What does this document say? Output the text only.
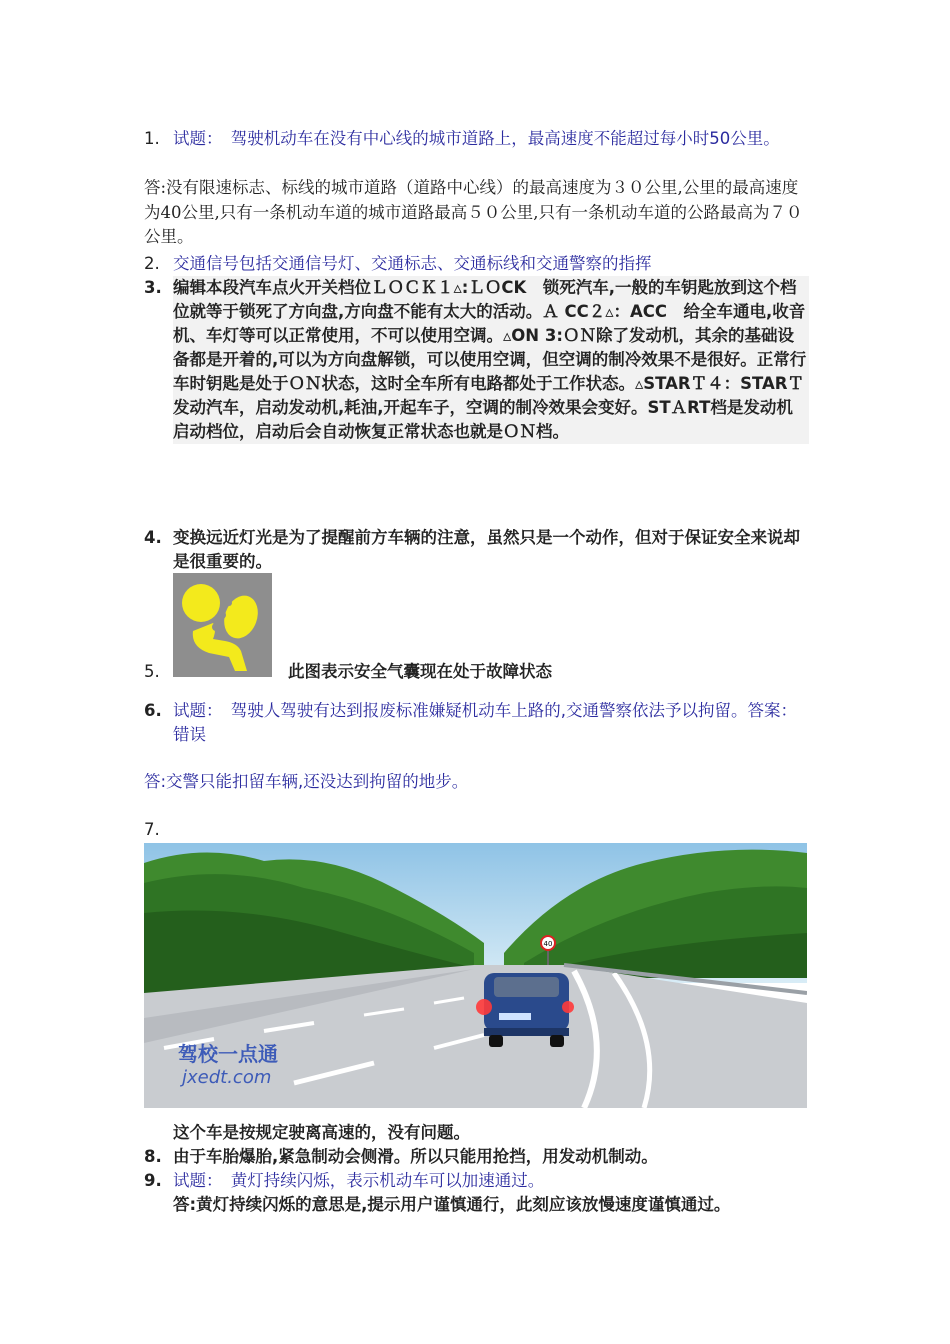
1. 试题：　 驾驶机动车在没有中心线的城市道路上，最高速度不能超过每小时50公里。
答:没有限速标志、标线的城市道路（道路中心线）的最高速度为３０公里,公里的最高速度为40公里,只有一条机动车道的城市道路最高５０公里,只有一条机动车道的公路最高为７０公里。
2. 交通信号包括交通信号灯、交通标志、交通标线和交通警察的指挥
3. 编辑本段汽车点火开关档位ＬＯＣＫ１▵:ＬＯCK　锁死汽车,一般的车钥匙放到这个档位就等于锁死了方向盘,方向盘不能有太大的活动。Ａ CC２▵：ACC　给全车通电,收音机、车灯等可以正常使用，不可以使用空调。▵ON 3:ＯＮ除了发动机，其余的基础设备都是开着的,可以为方向盘解锁，可以使用空调，但空调的制冷效果不是很好。正常行车时钥匙是处于ＯＮ状态，这时全车所有电路都处于工作状态。▵STARＴ４：STARＴ发动汽车，启动发动机,耗油,开起车子，空调的制冷效果会变好。STＡRT档是发动机启动档位，启动后会自动恢复正常状态也就是ＯＮ档。
4. 变换远近灯光是为了提醒前方车辆的注意，虽然只是一个动作，但对于保证安全来说却是很重要的。
5.	此图表示安全气囊现在处于故障状态
6. 试题：　 驾驶人驾驶有达到报废标准嫌疑机动车上路的,交通警察依法予以拘留。答案：错误
答:交警只能扣留车辆,还没达到拘留的地步。
7.
40
驾校一点通
jxedt.com
这个车是按规定驶离高速的，没有问题。
8. 由于车胎爆胎,紧急制动会侧滑。所以只能用抢挡，用发动机制动。
9. 试题：　 黄灯持续闪烁，表示机动车可以加速通过。
答:黄灯持续闪烁的意思是,提示用户谨慎通行，此刻应该放慢速度谨慎通过。
